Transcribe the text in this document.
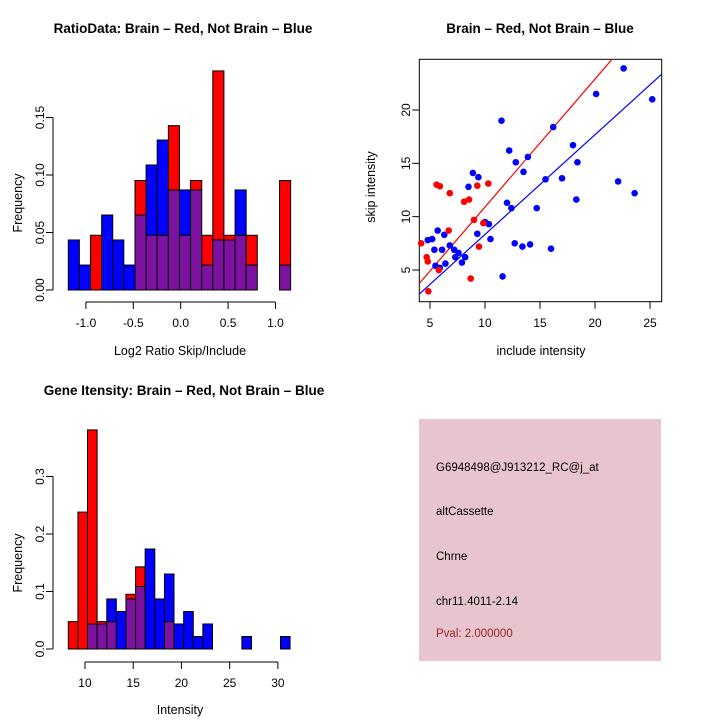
-1.0 -0.5 0.0	0.5	1.0
0.00
0.05
0.10
0.15
5	10	15	20	25
5
10
15
20
10	15	20	25	30
0.0
0.1
0.2
0.3
RatioData: Brain – Red, Not Brain – Blue	Brain – Red, Not Brain – Blue
Gene Itensity: Brain – Red, Not Brain – Blue
Log2 Ratio Skip/Include	include intensity
Intensity
Frequency	skip intensity
Frequency
G6948498@J913212_RC@j_at
altCassette
Chrne
chr11.4011-2.14
Pval: 2.000000
